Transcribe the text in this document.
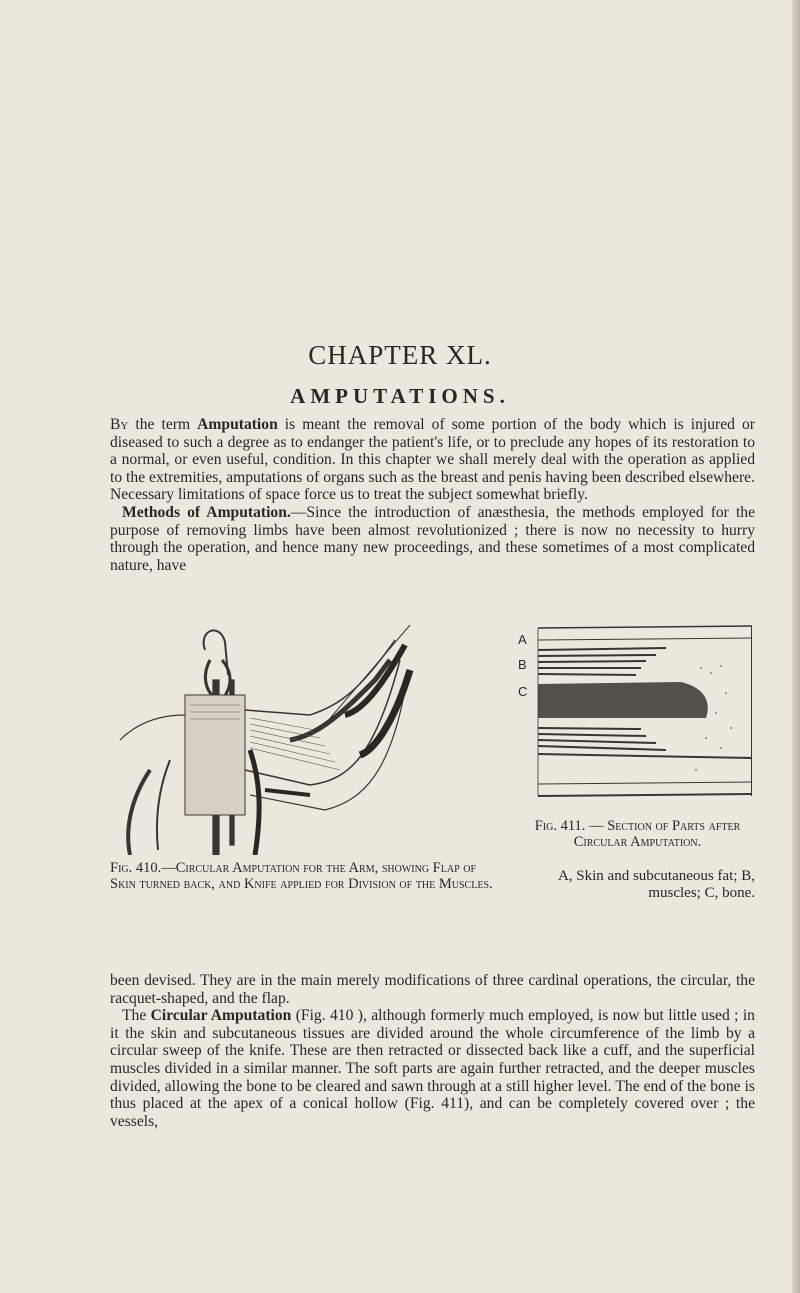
CHAPTER XL.
AMPUTATIONS.

By the term Amputation is meant the removal of some portion of the body which is injured or diseased to such a degree as to endanger the patient's life, or to preclude any hopes of its restoration to a normal, or even useful, condition. In this chapter we shall merely deal with the operation as applied to the extremities, amputations of organs such as the breast and penis having been described elsewhere. Necessary limitations of space force us to treat the subject somewhat briefly.

Methods of Amputation.—Since the introduction of anæsthesia, the methods employed for the purpose of removing limbs have been almost revolutionized ; there is now no necessity to hurry through the operation, and hence many new proceedings, and these sometimes of a most complicated nature, have

A
B
C
Fig. 410.—Circular Amputation for the Arm, showing Flap of Skin turned back, and Knife applied for Division of the Muscles.
Fig. 411. — Section of Parts after Circular Amputation.
A, Skin and subcutaneous fat; B, muscles; C, bone.

been devised. They are in the main merely modifications of three cardinal operations, the circular, the racquet-shaped, and the flap.

The Circular Amputation (Fig. 410 ), although formerly much employed, is now but little used ; in it the skin and subcutaneous tissues are divided around the whole circumference of the limb by a circular sweep of the knife. These are then retracted or dissected back like a cuff, and the superficial muscles divided in a similar manner. The soft parts are again further retracted, and the deeper muscles divided, allowing the bone to be cleared and sawn through at a still higher level. The end of the bone is thus placed at the apex of a conical hollow (Fig. 411), and can be completely covered over ; the vessels,
